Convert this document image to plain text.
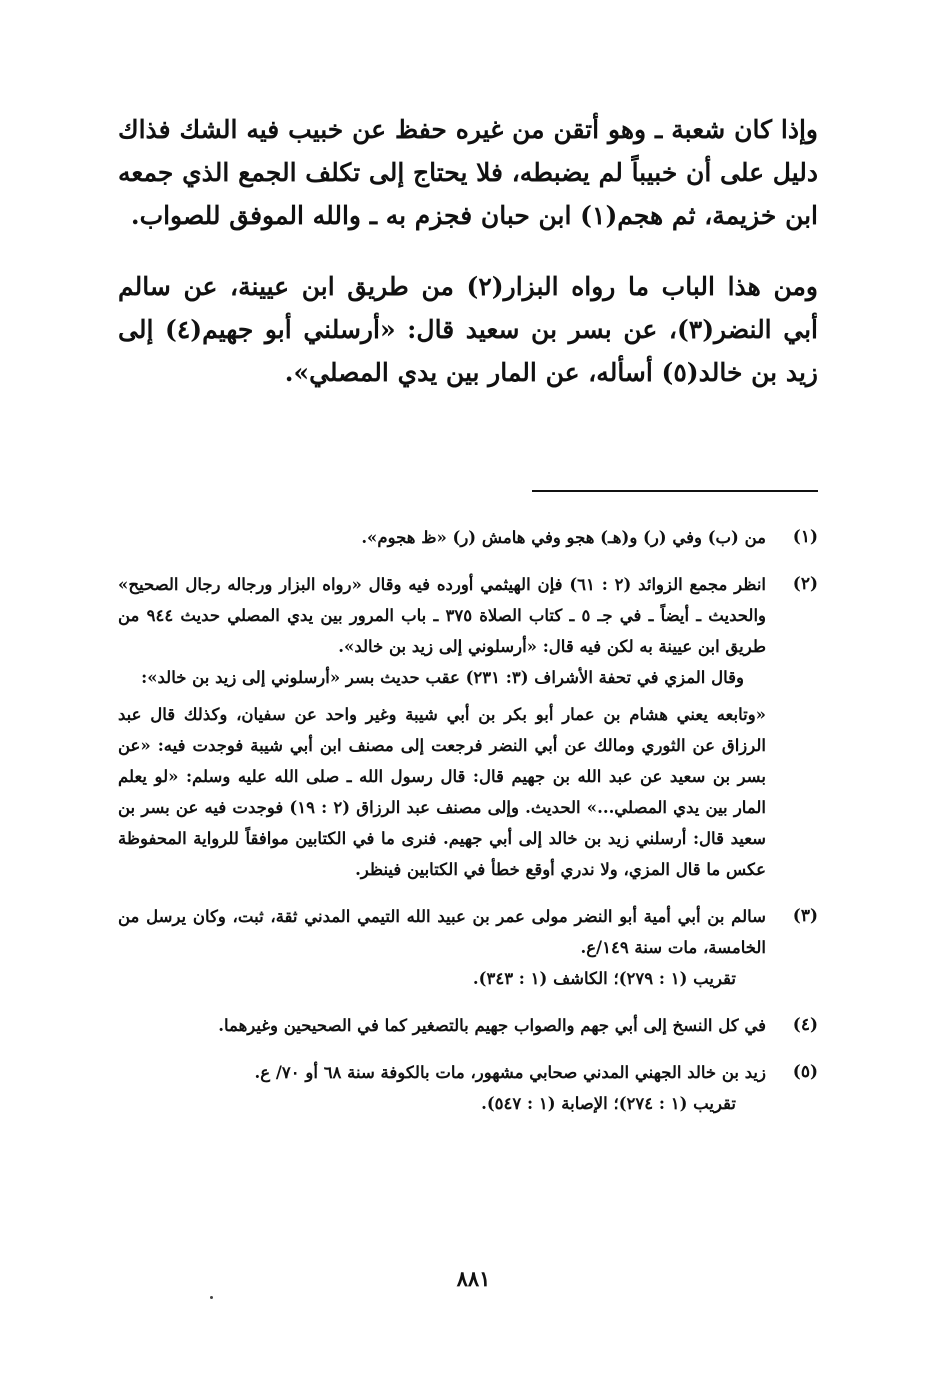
وإذا كان شعبة ـ وهو أتقن من غيره حفظ عن خبيب فيه الشك فذاك دليل على أن خبيباً لم يضبطه، فلا يحتاج إلى تكلف الجمع الذي جمعه ابن خزيمة، ثم هجم(١) ابن حبان فجزم به ـ والله الموفق للصواب.

ومن هذا الباب ما رواه البزار(٢) من طريق ابن عيينة، عن سالم أبي النضر(٣)، عن بسر بن سعيد قال: «أرسلني أبو جهيم(٤) إلى زيد بن خالد(٥) أسأله، عن المار بين يدي المصلي».

(١)

من (ب) وفي (ر) و(هـ) هجو وفي هامش (ر) «ظ هجوم».

(٢)

انظر مجمع الزوائد (٢ : ٦١) فإن الهيثمي أورده فيه وقال «رواه البزار ورجاله رجال الصحيح» والحديث ـ أيضاً ـ في جـ ٥ ـ كتاب الصلاة ٣٧٥ ـ باب المرور بين يدي المصلي حديث ٩٤٤ من طريق ابن عيينة به لكن فيه قال: «أرسلوني إلى زيد بن خالد».

وقال المزي في تحفة الأشراف (٣: ٢٣١) عقب حديث بسر «أرسلوني إلى زيد بن خالد»:

«وتابعه يعني هشام بن عمار أبو بكر بن أبي شيبة وغير واحد عن سفيان، وكذلك قال عبد الرزاق عن الثوري ومالك عن أبي النضر فرجعت إلى مصنف ابن أبي شيبة فوجدت فيه: «عن بسر بن سعيد عن عبد الله بن جهيم قال: قال رسول الله ـ صلى الله عليه وسلم: «لو يعلم المار بين يدي المصلي...» الحديث. وإلى مصنف عبد الرزاق (٢ : ١٩) فوجدت فيه عن بسر بن سعيد قال: أرسلني زيد بن خالد إلى أبي جهيم. فنرى ما في الكتابين موافقاً للرواية المحفوظة عكس ما قال المزي، ولا ندري أوقع خطأ في الكتابين فينظر.

(٣)

سالم بن أبي أمية أبو النضر مولى عمر بن عبيد الله التيمي المدني ثقة، ثبت، وكان يرسل من الخامسة، مات سنة ١٤٩/ع.

تقريب (١ : ٢٧٩)؛ الكاشف (١ : ٣٤٣).

(٤)

في كل النسخ إلى أبي جهم والصواب جهيم بالتصغير كما في الصحيحين وغيرهما.

(٥)

زيد بن خالد الجهني المدني صحابي مشهور، مات بالكوفة سنة ٦٨ أو ٧٠/ ع.

تقريب (١ : ٢٧٤)؛ الإصابة (١ : ٥٤٧).

٨٨١
